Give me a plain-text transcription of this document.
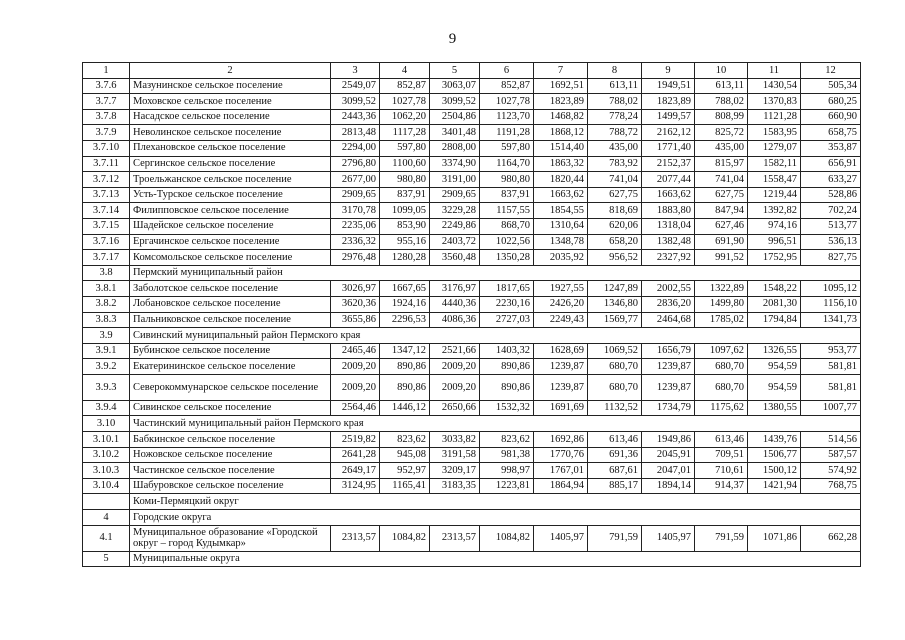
9
1	2	3	4	5	6	7	8	9	10	11	12
3.7.6	Мазунинское сельское поселение	2549,07	852,87	3063,07	852,87	1692,51	613,11	1949,51	613,11	1430,54	505,34
3.7.7	Моховское сельское поселение	3099,52	1027,78	3099,52	1027,78	1823,89	788,02	1823,89	788,02	1370,83	680,25
3.7.8	Насадское сельское поселение	2443,36	1062,20	2504,86	1123,70	1468,82	778,24	1499,57	808,99	1121,28	660,90
3.7.9	Неволинское сельское поселение	2813,48	1117,28	3401,48	1191,28	1868,12	788,72	2162,12	825,72	1583,95	658,75
3.7.10	Плехановское сельское поселение	2294,00	597,80	2808,00	597,80	1514,40	435,00	1771,40	435,00	1279,07	353,87
3.7.11	Сергинское сельское поселение	2796,80	1100,60	3374,90	1164,70	1863,32	783,92	2152,37	815,97	1582,11	656,91
3.7.12	Троельжанское сельское поселение	2677,00	980,80	3191,00	980,80	1820,44	741,04	2077,44	741,04	1558,47	633,27
3.7.13	Усть-Турское сельское поселение	2909,65	837,91	2909,65	837,91	1663,62	627,75	1663,62	627,75	1219,44	528,86
3.7.14	Филипповское сельское поселение	3170,78	1099,05	3229,28	1157,55	1854,55	818,69	1883,80	847,94	1392,82	702,24
3.7.15	Шадейское сельское поселение	2235,06	853,90	2249,86	868,70	1310,64	620,06	1318,04	627,46	974,16	513,77
3.7.16	Ергачинское сельское поселение	2336,32	955,16	2403,72	1022,56	1348,78	658,20	1382,48	691,90	996,51	536,13
3.7.17	Комсомольское сельское поселение	2976,48	1280,28	3560,48	1350,28	2035,92	956,52	2327,92	991,52	1752,95	827,75
3.8	Пермский муниципальный район										
3.8.1	Заболотское сельское поселение	3026,97	1667,65	3176,97	1817,65	1927,55	1247,89	2002,55	1322,89	1548,22	1095,12
3.8.2	Лобановское сельское поселение	3620,36	1924,16	4440,36	2230,16	2426,20	1346,80	2836,20	1499,80	2081,30	1156,10
3.8.3	Пальниковское сельское поселение	3655,86	2296,53	4086,36	2727,03	2249,43	1569,77	2464,68	1785,02	1794,84	1341,73
3.9	Сивинский муниципальный район Пермского края										
3.9.1	Бубинское сельское поселение	2465,46	1347,12	2521,66	1403,32	1628,69	1069,52	1656,79	1097,62	1326,55	953,77
3.9.2	Екатерининское сельское поселение	2009,20	890,86	2009,20	890,86	1239,87	680,70	1239,87	680,70	954,59	581,81
3.9.3	Северокоммунарское сельское поселение	2009,20	890,86	2009,20	890,86	1239,87	680,70	1239,87	680,70	954,59	581,81
3.9.4	Сивинское сельское поселение	2564,46	1446,12	2650,66	1532,32	1691,69	1132,52	1734,79	1175,62	1380,55	1007,77
3.10	Частинский муниципальный район Пермского края										
3.10.1	Бабкинское сельское поселение	2519,82	823,62	3033,82	823,62	1692,86	613,46	1949,86	613,46	1439,76	514,56
3.10.2	Ножовское сельское поселение	2641,28	945,08	3191,58	981,38	1770,76	691,36	2045,91	709,51	1506,77	587,57
3.10.3	Частинское сельское поселение	2649,17	952,97	3209,17	998,97	1767,01	687,61	2047,01	710,61	1500,12	574,92
3.10.4	Шабуровское сельское поселение	3124,95	1165,41	3183,35	1223,81	1864,94	885,17	1894,14	914,37	1421,94	768,75
	Коми-Пермяцкий округ										
4	Городские округа										
4.1	Муниципальное образование «Городской округ – город Кудымкар»	2313,57	1084,82	2313,57	1084,82	1405,97	791,59	1405,97	791,59	1071,86	662,28
5	Муниципальные округа										
